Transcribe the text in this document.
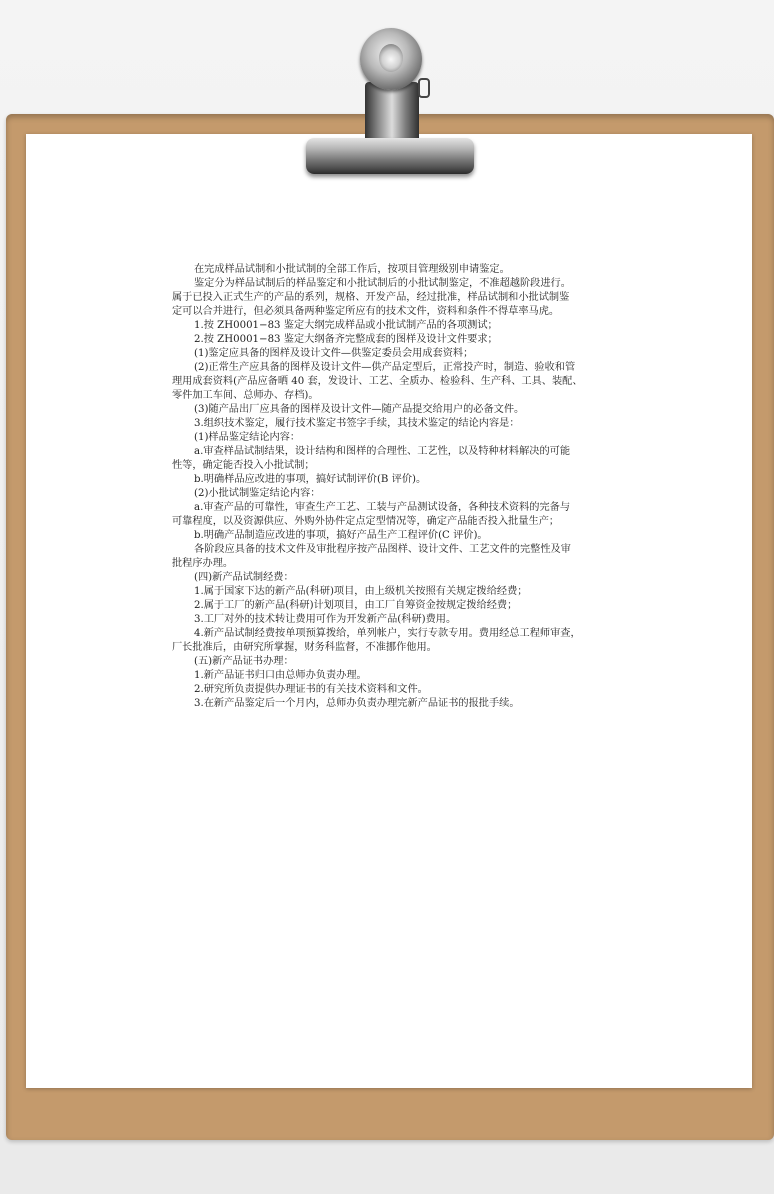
在完成样品试制和小批试制的全部工作后，按项目管理级别申请鉴定。

鉴定分为样品试制后的样品鉴定和小批试制后的小批试制鉴定，不准超越阶段进行。

属于已投入正式生产的产品的系列，规格、开发产品，经过批准，样品试制和小批试制鉴

定可以合并进行，但必须具备两种鉴定所应有的技术文件，资料和条件不得草率马虎。

1.按 ZH0001−83 鉴定大纲完成样品或小批试制产品的各项测试；

2.按 ZH0001−83 鉴定大纲备齐完整成套的图样及设计文件要求；

(1)鉴定应具备的图样及设计文件—供鉴定委员会用成套资料；

(2)正常生产应具备的图样及设计文件—供产品定型后，正常投产时，制造、验收和管

理用成套资料(产品应备晒 40 套，发设计、工艺、全质办、检验科、生产科、工具、装配、

零件加工车间、总师办、存档)。

(3)随产品出厂应具备的图样及设计文件—随产品提交给用户的必备文件。

3.组织技术鉴定，履行技术鉴定书签字手续，其技术鉴定的结论内容是：

(1)样品鉴定结论内容：

a.审查样品试制结果，设计结构和图样的合理性、工艺性，以及特种材料解决的可能

性等，确定能否投入小批试制；

b.明确样品应改进的事项，搞好试制评价(B 评价)。

(2)小批试制鉴定结论内容：

a.审查产品的可靠性，审查生产工艺、工装与产品测试设备，各种技术资料的完备与

可靠程度，以及资源供应、外购外协件定点定型情况等，确定产品能否投入批量生产；

b.明确产品制造应改进的事项，搞好产品生产工程评价(C 评价)。

各阶段应具备的技术文件及审批程序按产品图样、设计文件、工艺文件的完整性及审

批程序办理。

(四)新产品试制经费：

1.属于国家下达的新产品(科研)项目，由上级机关按照有关规定拨给经费；

2.属于工厂的新产品(科研)计划项目，由工厂自筹资金按规定拨给经费；

3.工厂对外的技术转让费用可作为开发新产品(科研)费用。

4.新产品试制经费按单项预算拨给，单列帐户，实行专款专用。费用经总工程师审查，

厂长批准后，由研究所掌握，财务科监督，不准挪作他用。

(五)新产品证书办理：

1.新产品证书归口由总师办负责办理。

2.研究所负责提供办理证书的有关技术资料和文件。

3.在新产品鉴定后一个月内，总师办负责办理完新产品证书的报批手续。
